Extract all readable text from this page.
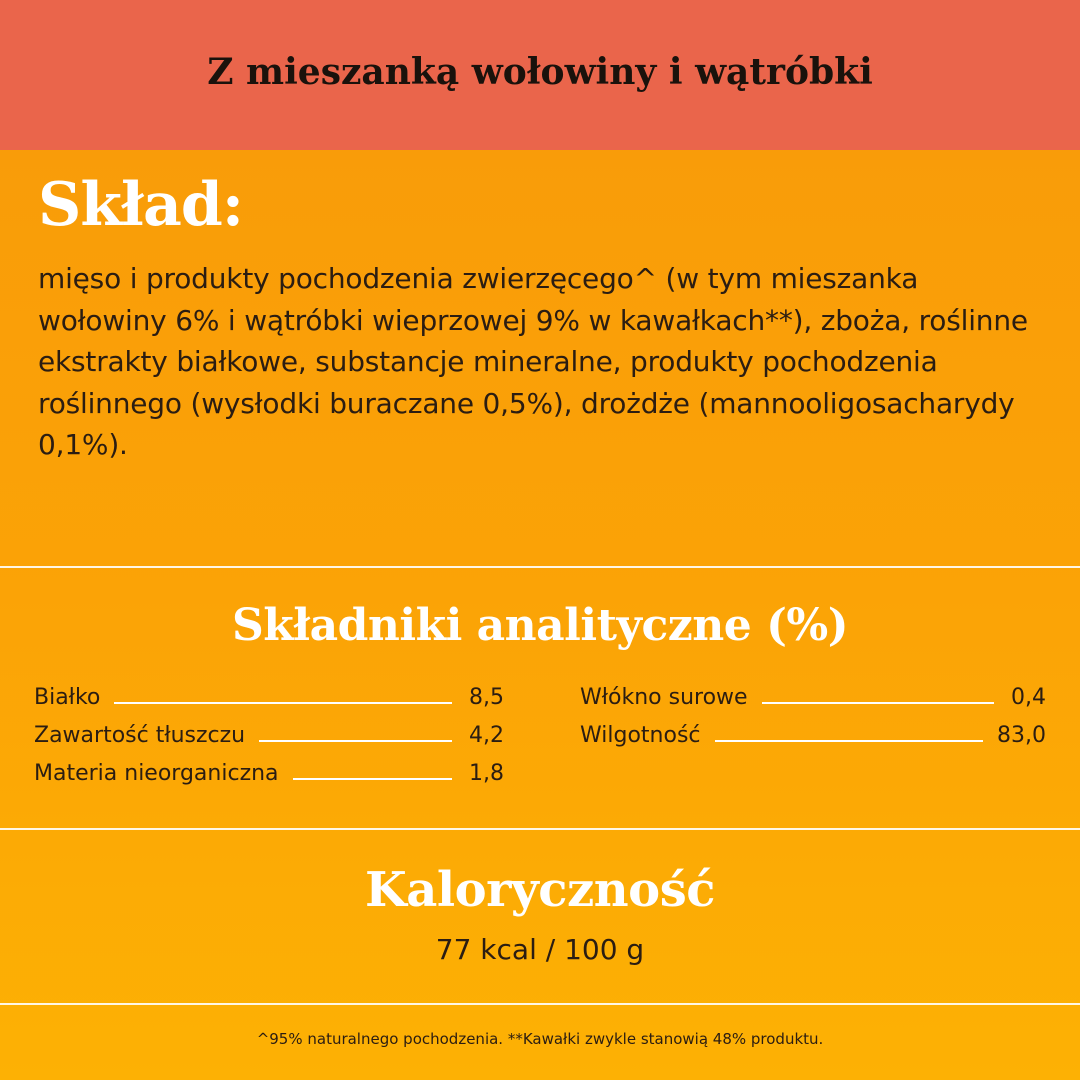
Z mieszanką wołowiny i wątróbki
Skład:

mięso i produkty pochodzenia zwierzęcego^ (w tym mieszanka wołowiny 6% i wątróbki wieprzowej 9% w kawałkach**), zboża, roślinne ekstrakty białkowe, substancje mineralne, produkty pochodzenia roślinnego (wysłodki buraczane 0,5%), drożdże (mannooligosacharydy 0,1%).

Składniki analityczne (%)
Białko	8,5
Zawartość tłuszczu	4,2
Materia nieorganiczna	1,8
Włókno surowe	0,4
Wilgotność	83,0
Kaloryczność
77 kcal / 100 g
^95% naturalnego pochodzenia. **Kawałki zwykle stanowią 48% produktu.
